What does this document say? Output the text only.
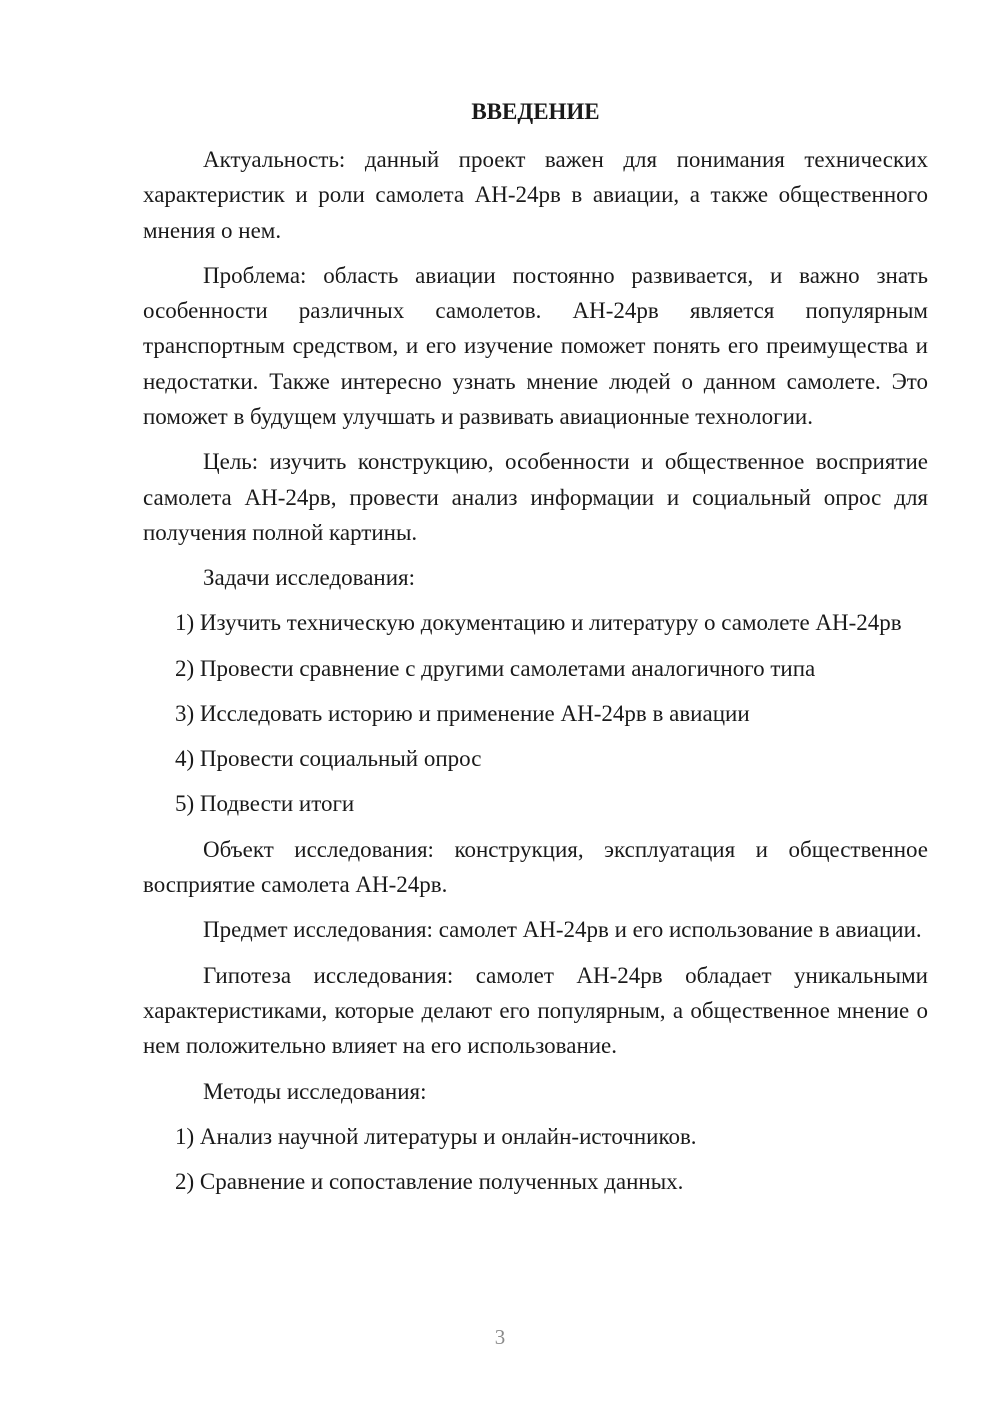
ВВЕДЕНИЕ

Актуальность: данный проект важен для понимания технических характеристик и роли самолета АН-24рв в авиации, а также общественного мнения о нем.

Проблема: область авиации постоянно развивается, и важно знать особенности различных самолетов. АН-24рв является популярным транспортным средством, и его изучение поможет понять его преимущества и недостатки. Также интересно узнать мнение людей о данном самолете. Это поможет в будущем улучшать и развивать авиационные технологии.

Цель: изучить конструкцию, особенности и общественное восприятие самолета АН-24рв, провести анализ информации и социальный опрос для получения полной картины.

Задачи исследования:

1) Изучить техническую документацию и литературу о самолете АН-24рв

2) Провести сравнение с другими самолетами аналогичного типа

3) Исследовать историю и применение АН-24рв в авиации

4) Провести социальный опрос

5) Подвести итоги

Объект исследования: конструкция, эксплуатация и общественное восприятие самолета АН-24рв.

Предмет исследования: самолет АН-24рв и его использование в авиации.

Гипотеза исследования: самолет АН-24рв обладает уникальными характеристиками, которые делают его популярным, а общественное мнение о нем положительно влияет на его использование.

Методы исследования:

1) Анализ научной литературы и онлайн-источников.

2) Сравнение и сопоставление полученных данных.

3
